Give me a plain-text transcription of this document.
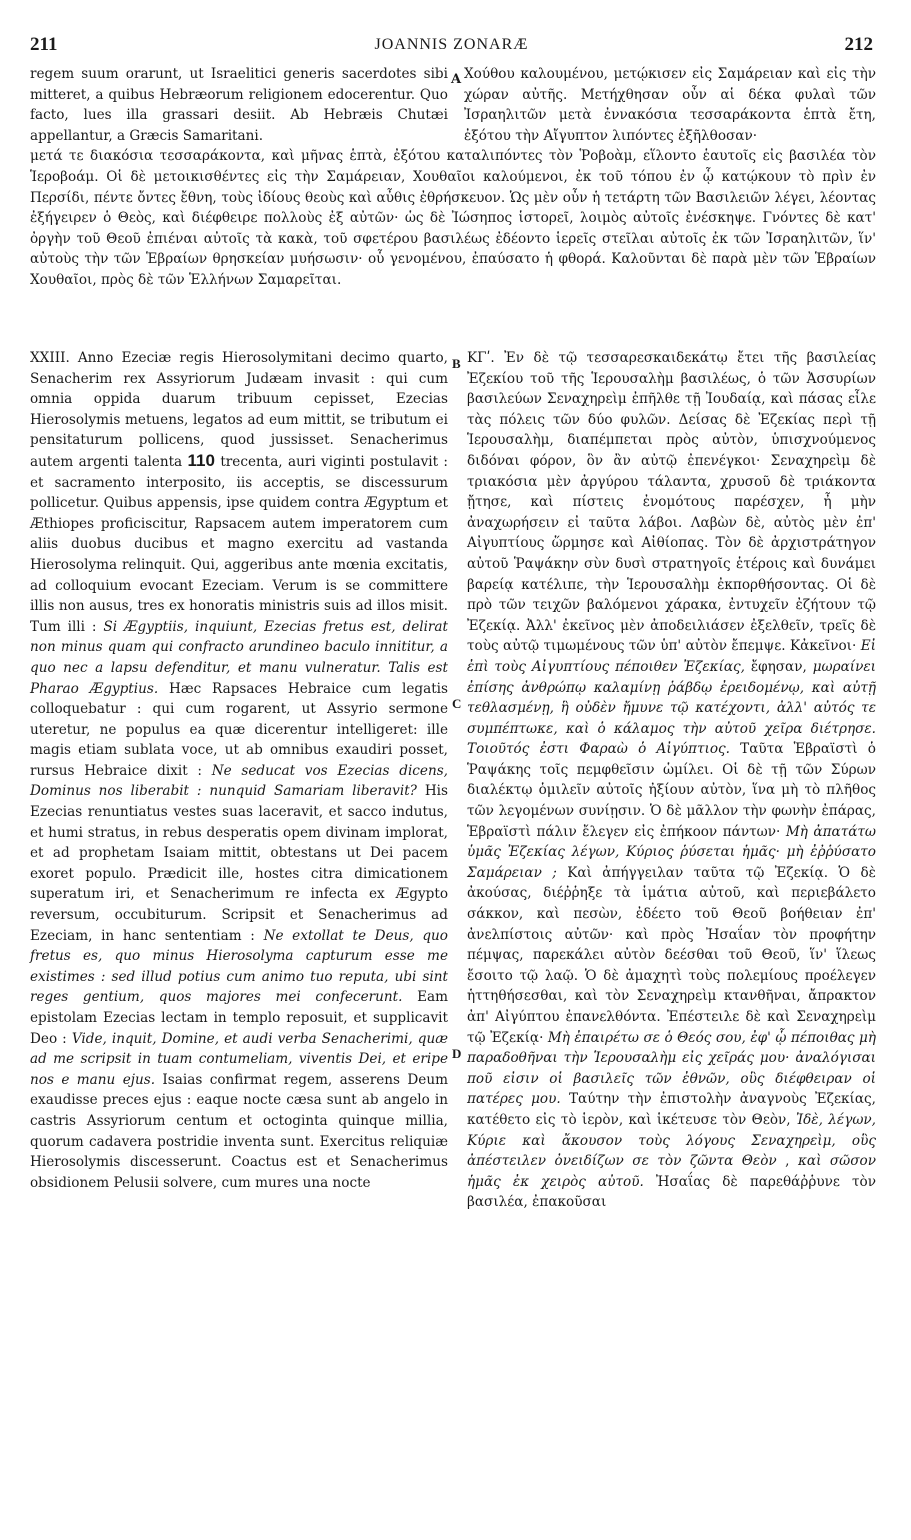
211	JOANNIS ZONARÆ	212

regem suum orarunt, ut Israelitici generis sacerdotes sibi mitteret, a quibus Hebræorum religionem edocerentur. Quo facto, lues illa grassari desiit. Ab Hebræis Chutæi appellantur, a Græcis Samaritani.

A Χούθου καλουμένου, μετῴκισεν εἰς Σαμάρειαν καὶ εἰς τὴν χώραν αὐτῆς. Μετήχθησαν οὖν αἱ δέκα φυλαὶ τῶν Ἰσραηλιτῶν μετὰ ἐννακόσια τεσσαράκοντα ἑπτὰ ἔτη, ἐξότου τὴν Αἴγυπτον λιπόντες ἐξῆλθοσαν·

μετά τε διακόσια τεσσαράκοντα, καὶ μῆνας ἑπτὰ, ἐξότου καταλιπόντες τὸν Ῥοβοὰμ, εἵλοντο ἑαυτοῖς εἰς βασιλέα τὸν Ἱεροβοάμ. Οἱ δὲ μετοικισθέντες εἰς τὴν Σαμάρειαν, Χουθαῖοι καλούμενοι, ἐκ τοῦ τόπου ἐν ᾧ κατῴκουν τὸ πρὶν ἐν Περσίδι, πέντε ὄντες ἔθνη, τοὺς ἰδίους θεοὺς καὶ αὖθις ἐθρήσκευον. Ὡς μὲν οὖν ἡ τετάρτη τῶν Βασιλειῶν λέγει, λέοντας ἐξήγειρεν ὁ Θεὸς, καὶ διέφθειρε πολλοὺς ἐξ αὐτῶν· ὡς δὲ Ἰώσηπος ἱστορεῖ, λοιμὸς αὐτοῖς ἐνέσκηψε. Γνόντες δὲ κατ' ὀργὴν τοῦ Θεοῦ ἐπιέναι αὐτοῖς τὰ κακὰ, τοῦ σφετέρου βασιλέως ἐδέοντο ἱερεῖς στεῖλαι αὐτοῖς ἐκ τῶν Ἰσραηλιτῶν, ἵν' αὐτοὺς τὴν τῶν Ἑβραίων θρησκείαν μυήσωσιν· οὗ γενομένου, ἐπαύσατο ἡ φθορά. Καλοῦνται δὲ παρὰ μὲν τῶν Ἑβραίων Χουθαῖοι, πρὸς δὲ τῶν Ἑλλήνων Σαμαρεῖται.

XXIII. Anno Ezeciæ regis Hierosolymitani decimo quarto, Senacherim rex Assyriorum Judæam invasit : qui cum omnia oppida duarum tribuum cepisset, Ezecias Hierosolymis metuens, legatos ad eum mittit, se tributum ei pensitaturum pollicens, quod jussisset. Senacherimus autem argenti talenta 110 trecenta, auri viginti postulavit : et sacramento interposito, iis acceptis, se discessurum pollicetur. Quibus appensis, ipse quidem contra Ægyptum et Æthiopes proficiscitur, Rapsacem autem imperatorem cum aliis duobus ducibus et magno exercitu ad vastanda Hierosolyma relinquit. Qui, aggeribus ante mœnia excitatis, ad colloquium evocant Ezeciam. Verum is se committere illis non ausus, tres ex honoratis ministris suis ad illos misit. Tum illi : Si Ægyptiis, inquiunt, Ezecias fretus est, delirat non minus quam qui confracto arundineo baculo innititur, a quo nec a lapsu defenditur, et manu vulneratur. Talis est Pharao Ægyptius. Hæc Rapsaces Hebraice cum legatis colloquebatur : qui cum rogarent, ut Assyrio sermone uteretur, ne populus ea quæ dicerentur intelligeret: ille magis etiam sublata voce, ut ab omnibus exaudiri posset, rursus Hebraice dixit : Ne seducat vos Ezecias dicens, Dominus nos liberabit : nunquid Samariam liberavit? His Ezecias renuntiatus vestes suas laceravit, et sacco indutus, et humi stratus, in rebus desperatis opem divinam implorat, et ad prophetam Isaiam mittit, obtestans ut Dei pacem exoret populo. Prædicit ille, hostes citra dimicationem superatum iri, et Senacherimum re infecta ex Ægypto reversum, occubiturum. Scripsit et Senacherimus ad Ezeciam, in hanc sententiam : Ne extollat te Deus, quo fretus es, quo minus Hierosolyma capturum esse me existimes : sed illud potius cum animo tuo reputa, ubi sint reges gentium, quos majores mei confecerunt. Eam epistolam Ezecias lectam in templo reposuit, et supplicavit Deo : Vide, inquit, Domine, et audi verba Senacherimi, quæ ad me scripsit in tuam contumeliam, viventis Dei, et eripe nos e manu ejus. Isaias confirmat regem, asserens Deum exaudisse preces ejus : eaque nocte cæsa sunt ab angelo in castris Assyriorum centum et octoginta quinque millia, quorum cadavera postridie inventa sunt. Exercitus reliquiæ Hierosolymis discesserunt. Coactus est et Senacherimus obsidionem Pelusii solvere, cum mures una nocte

B
C
D

ΚΓʹ. Ἐν δὲ τῷ τεσσαρεσκαιδεκάτῳ ἔτει τῆς βασιλείας Ἐζεκίου τοῦ τῆς Ἱερουσαλὴμ βασιλέως, ὁ τῶν Ἀσσυρίων βασιλεύων Σεναχηρεὶμ ἐπῆλθε τῇ Ἰουδαίᾳ, καὶ πάσας εἷλε τὰς πόλεις τῶν δύο φυλῶν. Δείσας δὲ Ἐζεκίας περὶ τῇ Ἱερουσαλὴμ, διαπέμπεται πρὸς αὐτὸν, ὑπισχνούμενος διδόναι φόρον, ὃν ἂν αὐτῷ ἐπενέγκοι· Σεναχηρεὶμ δὲ τριακόσια μὲν ἀργύρου τάλαντα, χρυσοῦ δὲ τριάκοντα ᾔτησε, καὶ πίστεις ἐνομότους παρέσχεν, ἦ μὴν ἀναχωρήσειν εἰ ταῦτα λάβοι. Λαβὼν δὲ, αὐτὸς μὲν ἐπ' Αἰγυπτίους ὥρμησε καὶ Αἰθίοπας. Τὸν δὲ ἀρχιστράτηγον αὐτοῦ Ῥαψάκην σὺν δυσὶ στρατηγοῖς ἑτέροις καὶ δυνάμει βαρείᾳ κατέλιπε, τὴν Ἱερουσαλὴμ ἐκπορθήσοντας. Οἱ δὲ πρὸ τῶν τειχῶν βαλόμενοι χάρακα, ἐντυχεῖν ἐζήτουν τῷ Ἐζεκίᾳ. Ἀλλ' ἐκεῖνος μὲν ἀποδειλιάσεν ἐξελθεῖν, τρεῖς δὲ τοὺς αὐτῷ τιμωμένους τῶν ὑπ' αὐτὸν ἔπεμψε. Κἀκεῖνοι· Εἰ ἐπὶ τοὺς Αἰγυπτίους πέποιθεν Ἐζεκίας, ἔφησαν, μωραίνει ἐπίσης ἀνθρώπῳ καλαμίνῃ ῥάβδῳ ἐρειδομένῳ, καὶ αὐτῇ τεθλασμένῃ, ἣ οὐδὲν ἤμυνε τῷ κατέχοντι, ἀλλ' αὐτός τε συμπέπτωκε, καὶ ὁ κάλαμος τὴν αὐτοῦ χεῖρα διέτρησε. Τοιοῦτός ἐστι Φαραὼ ὁ Αἰγύπτιος. Ταῦτα Ἑβραϊστὶ ὁ Ῥαψάκης τοῖς πεμφθεῖσιν ὡμίλει. Οἱ δὲ τῇ τῶν Σύρων διαλέκτῳ ὁμιλεῖν αὐτοῖς ἠξίουν αὐτὸν, ἵνα μὴ τὸ πλῆθος τῶν λεγομένων συνίῃσιν. Ὁ δὲ μᾶλλον τὴν φωνὴν ἐπάρας, Ἑβραϊστὶ πάλιν ἔλεγεν εἰς ἐπήκοον πάντων· Μὴ ἀπατάτω ὑμᾶς Ἐζεκίας λέγων, Κύριος ῥύσεται ἡμᾶς· μὴ ἐῤῥύσατο Σαμάρειαν ; Καὶ ἀπήγγειλαν ταῦτα τῷ Ἐζεκίᾳ. Ὁ δὲ ἀκούσας, διέῤῥηξε τὰ ἱμάτια αὐτοῦ, καὶ περιεβάλετο σάκκον, καὶ πεσὼν, ἐδέετο τοῦ Θεοῦ βοήθειαν ἐπ' ἀνελπίστοις αὐτῶν· καὶ πρὸς Ἠσαΐαν τὸν προφήτην πέμψας, παρεκάλει αὐτὸν δεέσθαι τοῦ Θεοῦ, ἵν' ἵλεως ἔσοιτο τῷ λαῷ. Ὁ δὲ ἀμαχητὶ τοὺς πολεμίους προέλεγεν ἡττηθήσεσθαι, καὶ τὸν Σεναχηρεὶμ κτανθῆναι, ἄπρακτον ἀπ' Αἰγύπτου ἐπανελθόντα. Ἐπέστειλε δὲ καὶ Σεναχηρεὶμ τῷ Ἐζεκίᾳ· Μὴ ἐπαιρέτω σε ὁ Θεός σου, ἐφ' ᾧ πέποιθας μὴ παραδοθῆναι τὴν Ἱερουσαλὴμ εἰς χεῖράς μου· ἀναλόγισαι ποῦ εἰσιν οἱ βασιλεῖς τῶν ἐθνῶν, οὓς διέφθειραν οἱ πατέρες μου. Ταύτην τὴν ἐπιστολὴν ἀναγνοὺς Ἐζεκίας, κατέθετο εἰς τὸ ἱερὸν, καὶ ἱκέτευσε τὸν Θεὸν, Ἰδὲ, λέγων, Κύριε καὶ ἄκουσον τοὺς λόγους Σεναχηρεὶμ, οὓς ἀπέστειλεν ὀνειδίζων σε τὸν ζῶντα Θεὸν , καὶ σῶσον ἡμᾶς ἐκ χειρὸς αὐτοῦ. Ἠσαΐας δὲ παρεθάῤῥυνε τὸν βασιλέα, ἐπακοῦσαι
